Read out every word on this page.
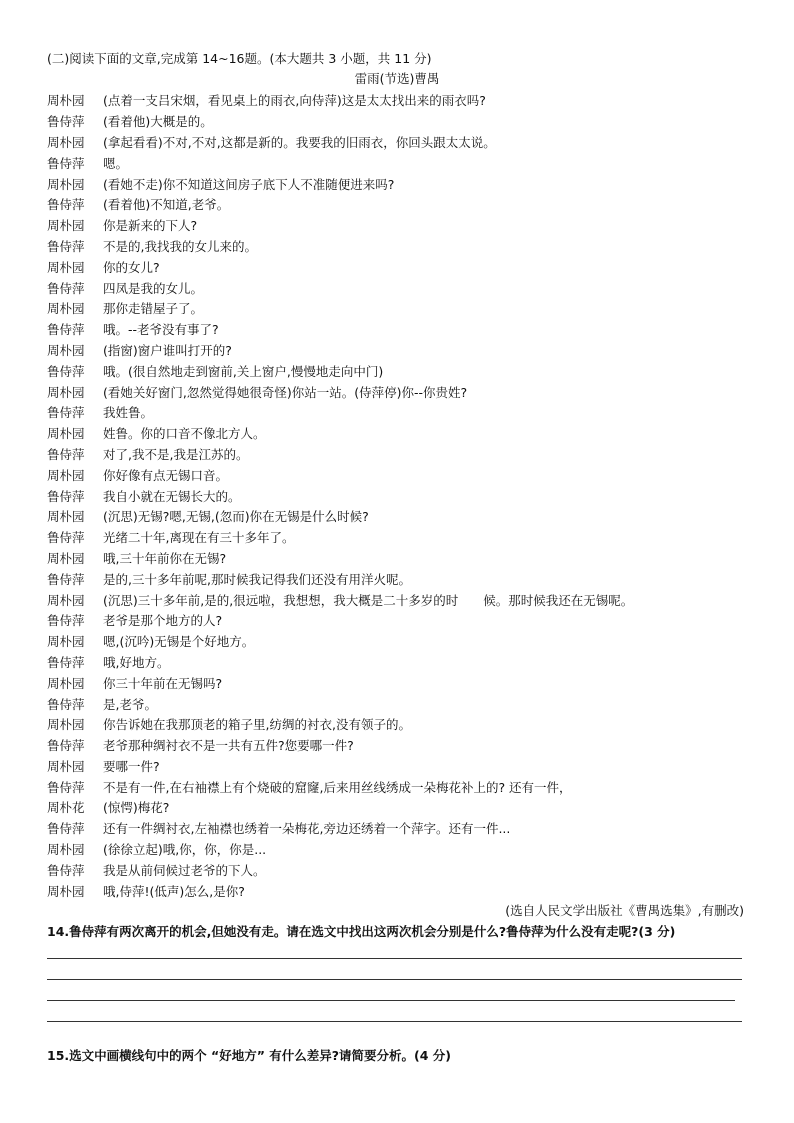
(二)阅读下面的文章,完成第 14~16题。(本大题共 3 小题，共 11 分)
雷雨(节选)曹禺
周朴园	(点着一支吕宋烟，看见桌上的雨衣,向侍萍)这是太太找出来的雨衣吗?
鲁侍萍	(看着他)大概是的。
周朴园	(拿起看看)不对,不对,这都是新的。我要我的旧雨衣，你回头跟太太说。
鲁侍萍	嗯。
周朴园	(看她不走)你不知道这间房子底下人不准随便进来吗?
鲁侍萍	(看着他)不知道,老爷。
周朴园	你是新来的下人?
鲁侍萍	不是的,我找我的女儿来的。
周朴园	你的女儿?
鲁侍萍	四凤是我的女儿。
周朴园	那你走错屋子了。
鲁侍萍	哦。--老爷没有事了?
周朴园	(指窗)窗户谁叫打开的?
鲁侍萍	哦。(很自然地走到窗前,关上窗户,慢慢地走向中门)
周朴园	(看她关好窗门,忽然觉得她很奇怪)你站一站。(侍萍停)你--你贵姓?
鲁侍萍	我姓鲁。
周朴园	姓鲁。你的口音不像北方人。
鲁侍萍	对了,我不是,我是江苏的。
周朴园	你好像有点无锡口音。
鲁侍萍	我自小就在无锡长大的。
周朴园	(沉思)无锡?嗯,无锡,(忽而)你在无锡是什么时候?
鲁侍萍	光绪二十年,离现在有三十多年了。
周朴园	哦,三十年前你在无锡?
鲁侍萍	是的,三十多年前呢,那时候我记得我们还没有用洋火呢。
周朴园	(沉思)三十多年前,是的,很远啦，我想想，我大概是二十多岁的时　　候。那时候我还在无锡呢。
鲁侍萍	老爷是那个地方的人?
周朴园	嗯,(沉吟)无锡是个好地方。
鲁侍萍	哦,好地方。
周朴园	你三十年前在无锡吗?
鲁侍萍	是,老爷。
周朴园	你告诉她在我那顶老的箱子里,纺绸的衬衣,没有领子的。
鲁侍萍	老爷那种绸衬衣不是一共有五件?您要哪一件?
周朴园	要哪一件?
鲁侍萍	不是有一件,在右袖襟上有个烧破的窟窿,后来用丝线绣成一朵梅花补上的? 还有一件，
周朴花	(惊愕)梅花?
鲁侍萍	还有一件绸衬衣,左袖襟也绣着一朵梅花,旁边还绣着一个萍字。还有一件...
周朴园	(徐徐立起)哦,你，你，你是...
鲁侍萍	我是从前伺候过老爷的下人。
周朴园	哦,侍萍!(低声)怎么,是你?
(选自人民文学出版社《曹禺选集》,有删改)
14.鲁侍萍有两次离开的机会,但她没有走。请在选文中找出这两次机会分别是什么?鲁侍萍为什么没有走呢?(3 分)
15.选文中画横线句中的两个 “好地方” 有什么差异?请简要分析。(4 分)
